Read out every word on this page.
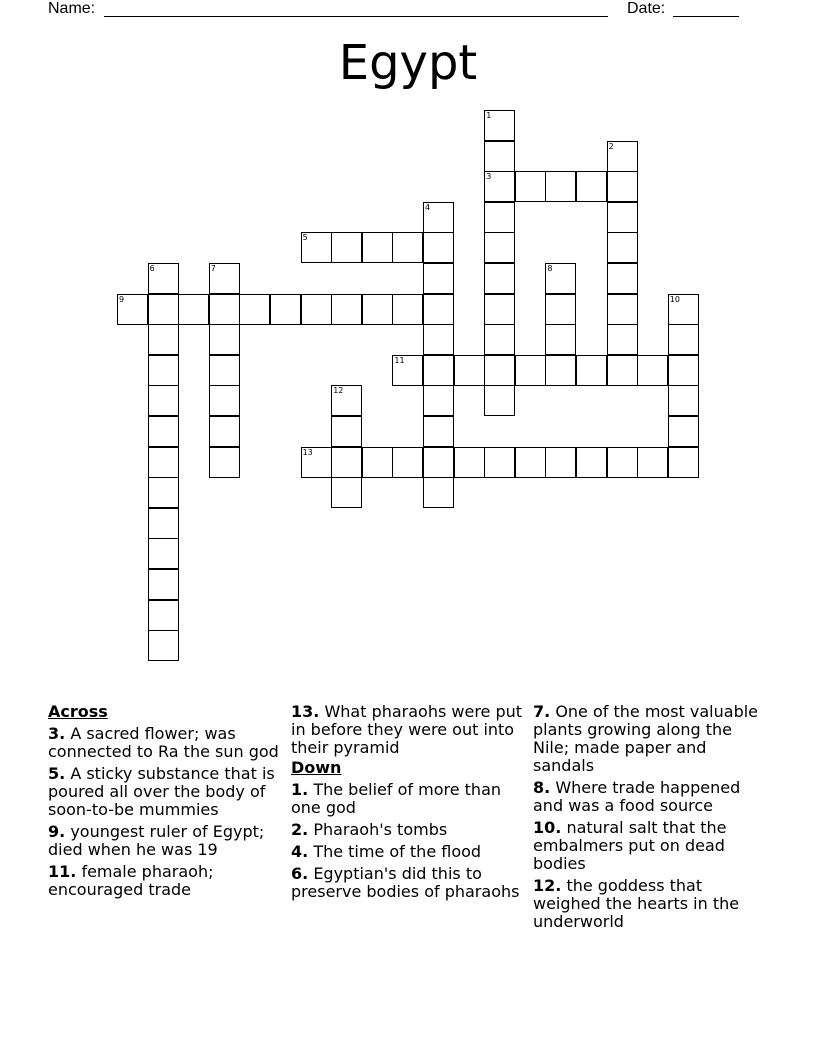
Name:	Date:
Egypt
1
3
2
4
5
6	7	8
9	10
11
12
13
Across
3. A sacred flower; was connected to Ra the sun god
5. A sticky substance that is poured all over the body of soon-to-be mummies
9. youngest ruler of Egypt; died when he was 19
11. female pharaoh; encouraged trade
13. What pharaohs were put in before they were out into their pyramid
Down
1. The belief of more than one god
2. Pharaoh's tombs
4. The time of the flood
6. Egyptian's did this to preserve bodies of pharaohs
7. One of the most valuable plants growing along the Nile; made paper and sandals
8. Where trade happened and was a food source
10. natural salt that the embalmers put on dead bodies
12. the goddess that weighed the hearts in the underworld
